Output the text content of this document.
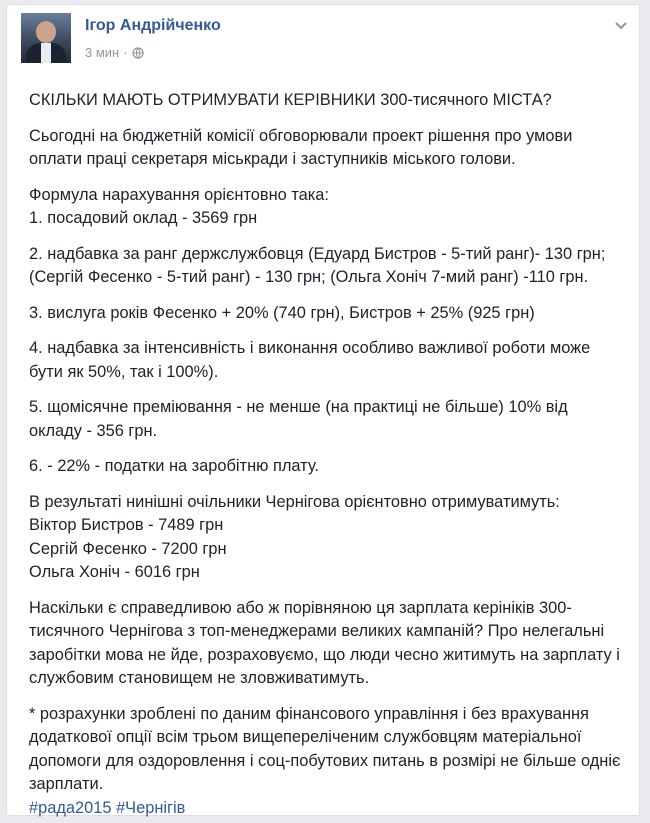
Ігор Андрійченко
3 мин ·

СКІЛЬКИ МАЮТЬ ОТРИМУВАТИ КЕРІВНИКИ 300-тисячного МІСТА?

Сьогодні на бюджетній комісії обговорювали проект рішення про умови оплати праці секретаря міськради і заступників міського голови.

Формула нарахування орієнтовно така:
1. посадовий оклад - 3569 грн

2. надбавка за ранг держслужбовця (Едуард Бистров - 5-тий ранг)- 130 грн; (Сергій Фесенко - 5-тий ранг) - 130 грн; (Ольга Хоніч 7-мий ранг) -110 грн.

3. вислуга років Фесенко + 20% (740 грн), Бистров + 25% (925 грн)

4. надбавка за інтенсивність і виконання особливо важливої роботи може бути як 50%, так і 100%).

5. щомісячне преміювання - не менше (на практиці не більше) 10% від окладу - 356 грн.

6. - 22% - податки на заробітню плату.

В результаті нинішні очільники Чернігова орієнтовно отримуватимуть:
Віктор Бистров - 7489 грн
Сергій Фесенко - 7200 грн
Ольга Хоніч - 6016 грн

Наскільки є справедливою або ж порівняною ця зарплата керініків 300-тисячного Чернігова з топ-менеджерами великих кампаній? Про нелегальні заробітки мова не йде, розраховуємо, що люди чесно житимуть на зарплату і службовим становищем не зловживатимуть.

* розрахунки зроблені по даним фінансового управління і без врахування додаткової опції всім трьом вищепереліченим службовцям матеріальної допомоги для оздоровлення і соц-побутових питань в розмірі не більше одніє зарплати.
#рада2015 #Чернігів
